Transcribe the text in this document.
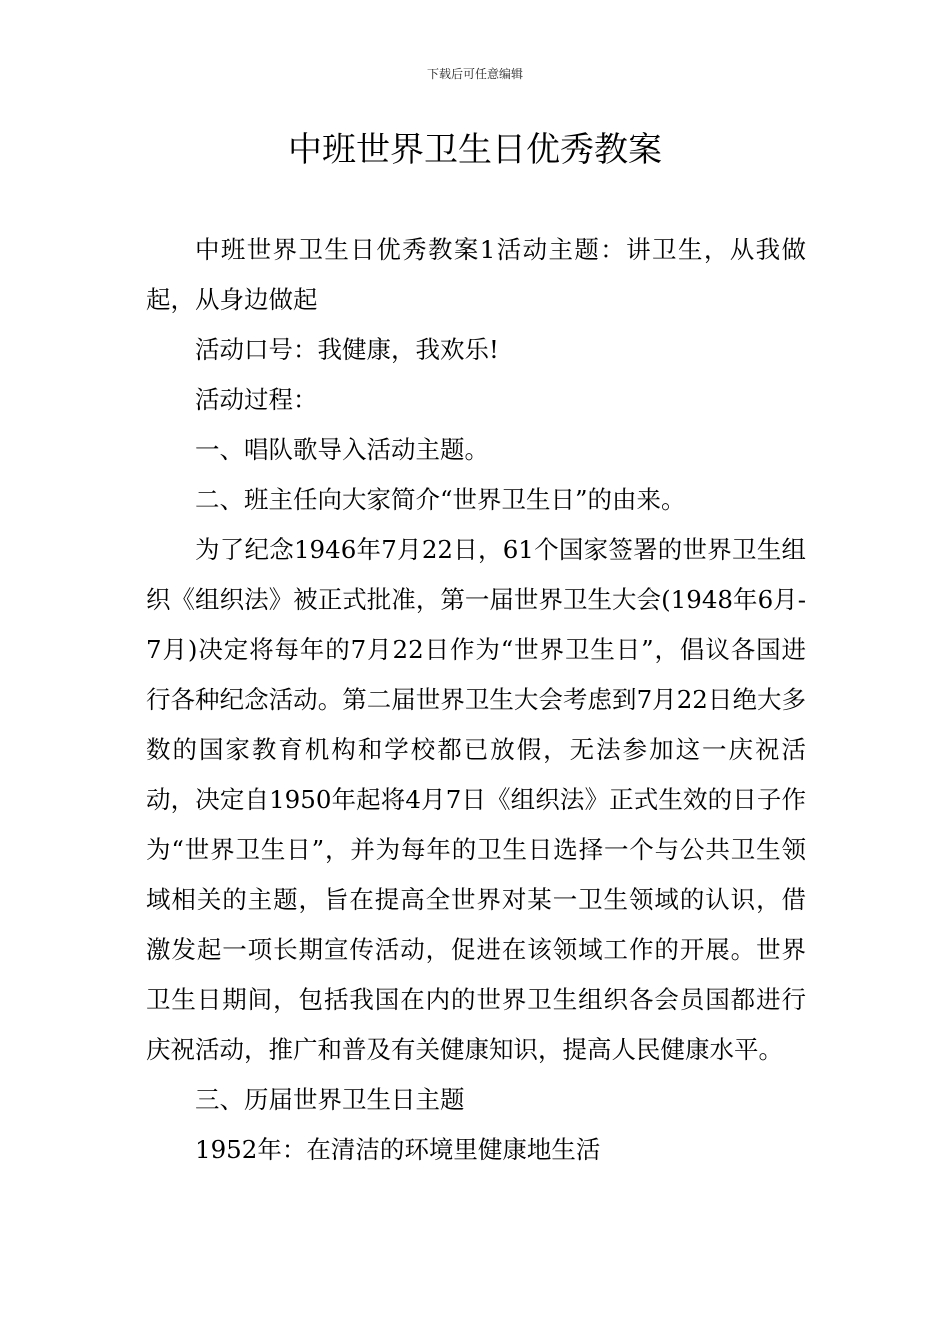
下载后可任意编辑
中班世界卫生日优秀教案

中班世界卫生日优秀教案1活动主题：讲卫生，从我做起，从身边做起

活动口号：我健康，我欢乐!

活动过程：

一、唱队歌导入活动主题。

二、班主任向大家简介“世界卫生日”的由来。

为了纪念1946年7月22日，61个国家签署的世界卫生组织《组织法》被正式批准，第一届世界卫生大会(1948年6月-7月)决定将每年的7月22日作为“世界卫生日”，倡议各国进行各种纪念活动。第二届世界卫生大会考虑到7月22日绝大多数的国家教育机构和学校都已放假，无法参加这一庆祝活动，决定自1950年起将4月7日《组织法》正式生效的日子作为“世界卫生日”，并为每年的卫生日选择一个与公共卫生领域相关的主题，旨在提高全世界对某一卫生领域的认识，借激发起一项长期宣传活动，促进在该领域工作的开展。世界卫生日期间，包括我国在内的世界卫生组织各会员国都进行庆祝活动，推广和普及有关健康知识，提高人民健康水平。

三、历届世界卫生日主题

1952年：在清洁的环境里健康地生活
